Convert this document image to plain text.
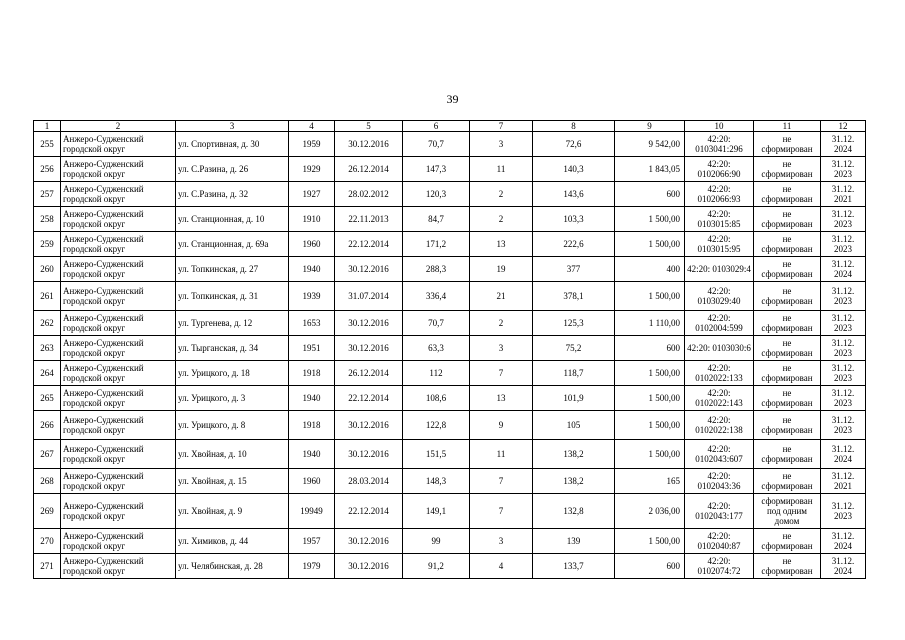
39
1	2	3	4	5	6	7	8	9	10	11	12
255	Анжеро-Судженский городской округ	ул. Спортивная, д. 30	1959	30.12.2016	70,7	3	72,6	9 542,00	42:20: 0103041:296	не сформирован	31.12. 2024
256	Анжеро-Судженский городской округ	ул. С.Разина, д. 26	1929	26.12.2014	147,3	11	140,3	1 843,05	42:20: 0102066:90	не сформирован	31.12. 2023
257	Анжеро-Судженский городской округ	ул. С.Разина, д. 32	1927	28.02.2012	120,3	2	143,6	600	42:20: 0102066:93	не сформирован	31.12. 2021
258	Анжеро-Судженский городской округ	ул. Станционная, д. 10	1910	22.11.2013	84,7	2	103,3	1 500,00	42:20: 0103015:85	не сформирован	31.12. 2023
259	Анжеро-Судженский городской округ	ул. Станционная, д. 69а	1960	22.12.2014	171,2	13	222,6	1 500,00	42:20: 0103015:95	не сформирован	31.12. 2023
260	Анжеро-Судженский городской округ	ул. Топкинская, д. 27	1940	30.12.2016	288,3	19	377	400	42:20: 0103029:4	не сформирован	31.12. 2024
261	Анжеро-Судженский городской округ	ул. Топкинская, д. 31	1939	31.07.2014	336,4	21	378,1	1 500,00	42:20: 0103029:40	не сформирован	31.12. 2023
262	Анжеро-Судженский городской округ	ул. Тургенева, д. 12	1653	30.12.2016	70,7	2	125,3	1 110,00	42:20: 0102004:599	не сформирован	31.12. 2023
263	Анжеро-Судженский городской округ	ул. Тырганская, д. 34	1951	30.12.2016	63,3	3	75,2	600	42:20: 0103030:6	не сформирован	31.12. 2023
264	Анжеро-Судженский городской округ	ул. Урицкого, д. 18	1918	26.12.2014	112	7	118,7	1 500,00	42:20: 0102022:133	не сформирован	31.12. 2023
265	Анжеро-Судженский городской округ	ул. Урицкого, д. 3	1940	22.12.2014	108,6	13	101,9	1 500,00	42:20: 0102022:143	не сформирован	31.12. 2023
266	Анжеро-Судженский городской округ	ул. Урицкого, д. 8	1918	30.12.2016	122,8	9	105	1 500,00	42:20: 0102022:138	не сформирован	31.12. 2023
267	Анжеро-Судженский городской округ	ул. Хвойная, д. 10	1940	30.12.2016	151,5	11	138,2	1 500,00	42:20: 0102043:607	не сформирован	31.12. 2024
268	Анжеро-Судженский городской округ	ул. Хвойная, д. 15	1960	28.03.2014	148,3	7	138,2	165	42:20: 0102043:36	не сформирован	31.12. 2021
269	Анжеро-Судженский городской округ	ул. Хвойная, д. 9	19949	22.12.2014	149,1	7	132,8	2 036,00	42:20: 0102043:177	сформирован под одним домом	31.12. 2023
270	Анжеро-Судженский городской округ	ул. Химиков, д. 44	1957	30.12.2016	99	3	139	1 500,00	42:20: 0102040:87	не сформирован	31.12. 2024
271	Анжеро-Судженский городской округ	ул. Челябинская, д. 28	1979	30.12.2016	91,2	4	133,7	600	42:20: 0102074:72	не сформирован	31.12. 2024
